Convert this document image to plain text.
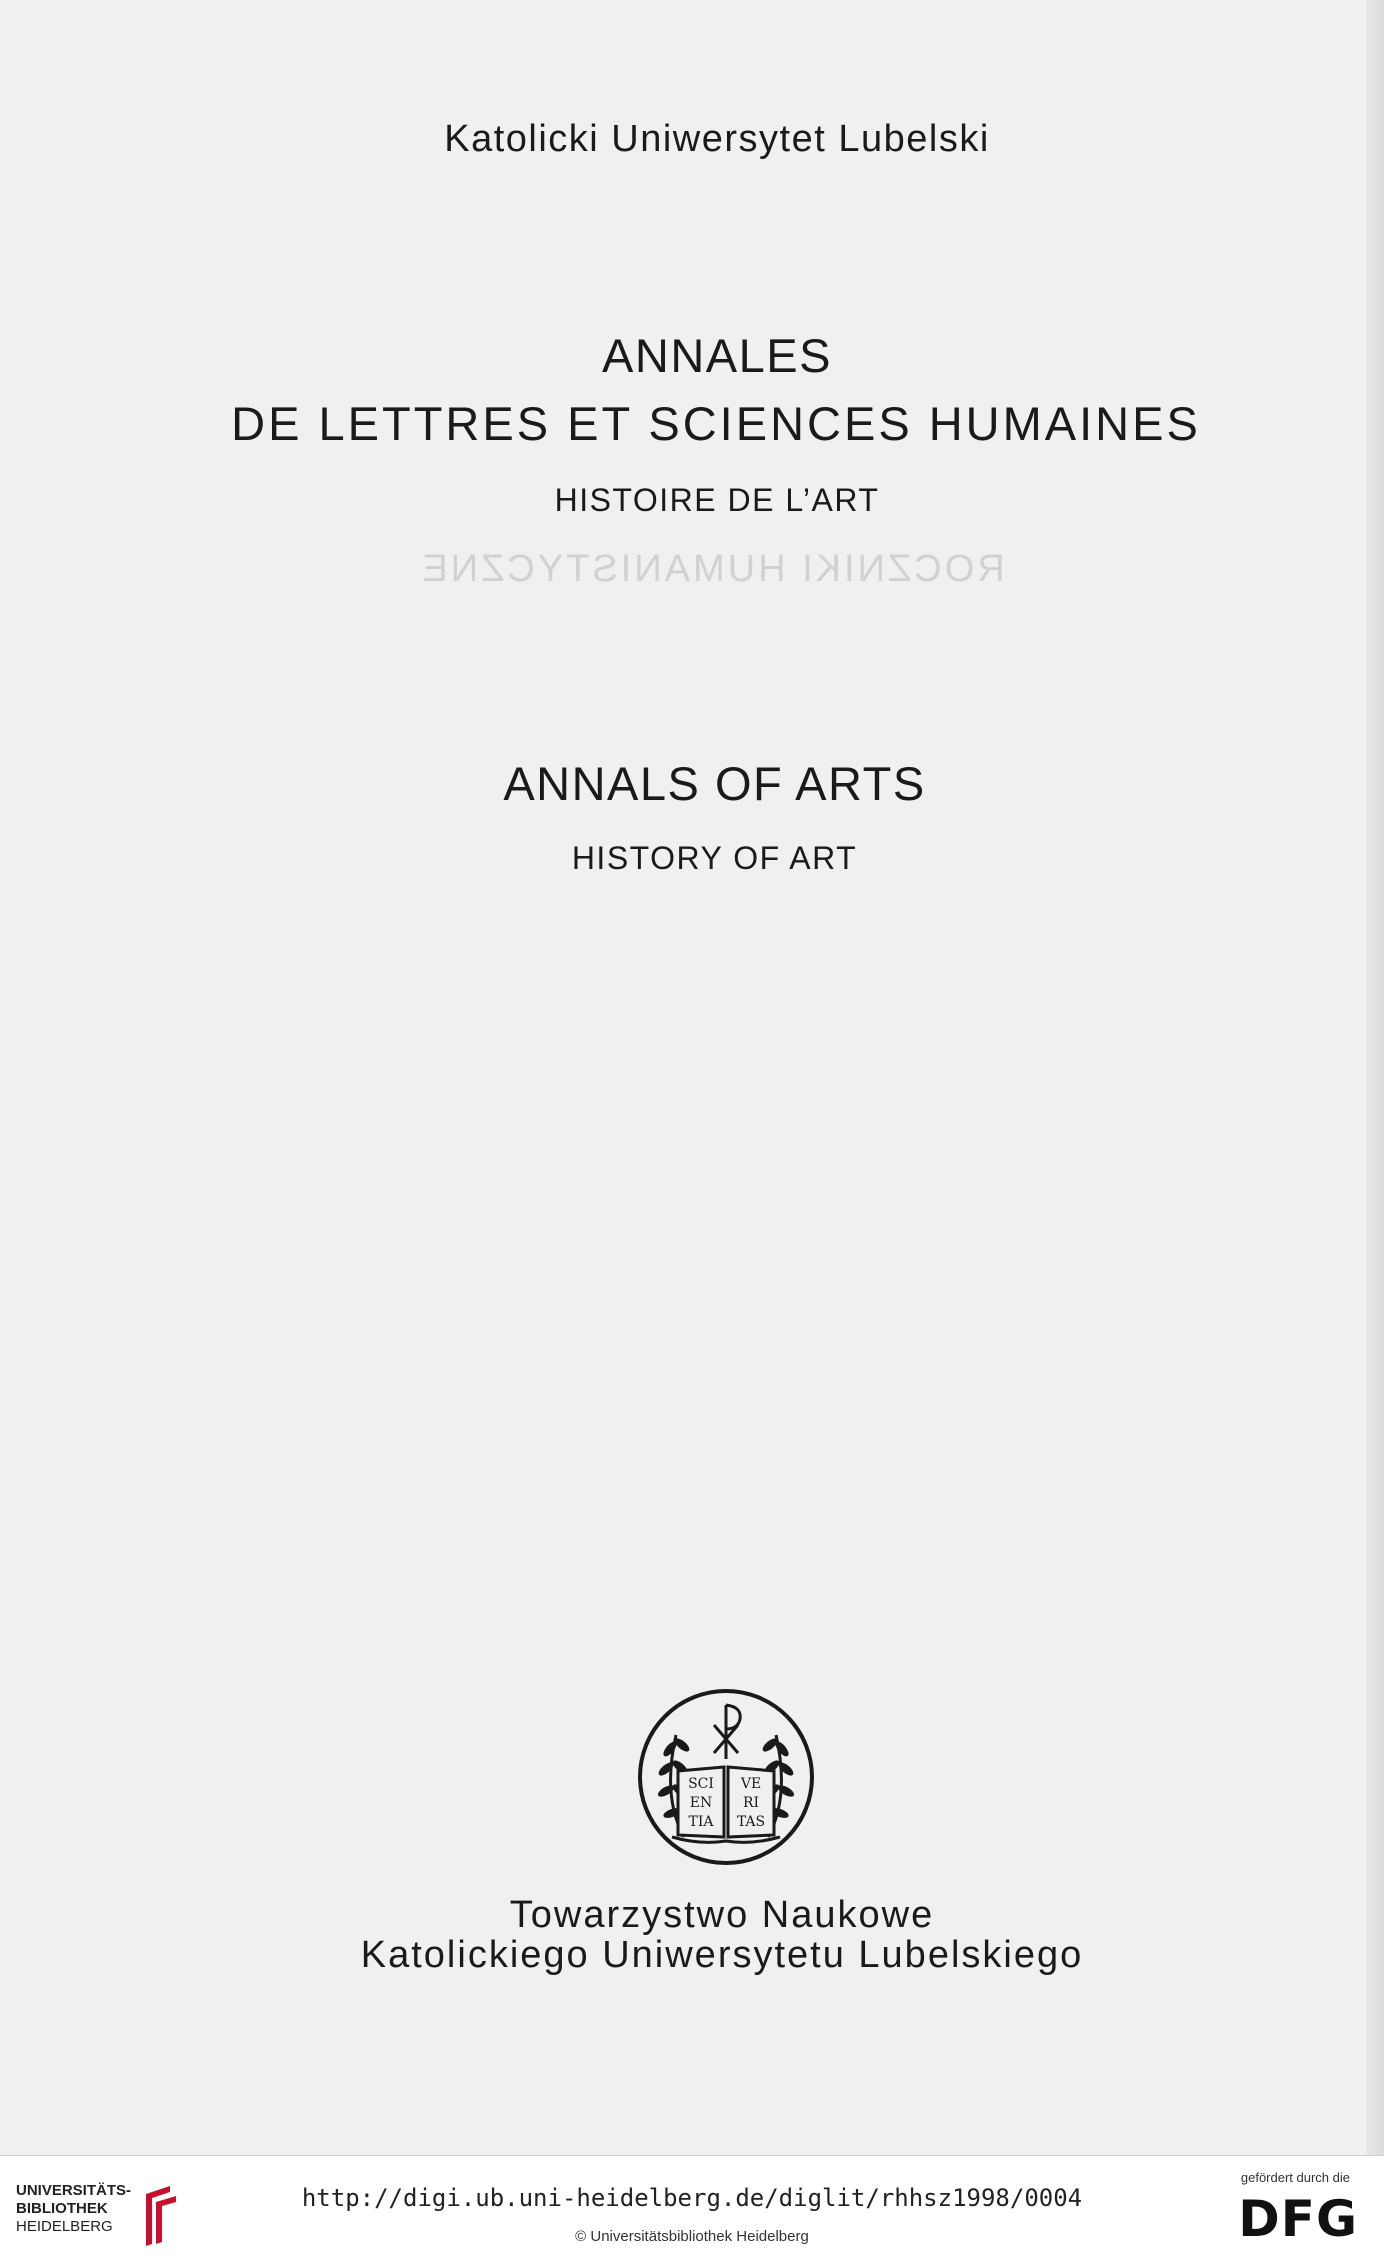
Katolicki Uniwersytet Lubelski
ANNALES
DE LETTRES ET SCIENCES HUMAINES
HISTOIRE DE L’ART
ROCZNIKI HUMANISTYCZNE
ANNALS OF ARTS
HISTORY OF ART
SCI
EN
TIA
VE
RI
TAS
Towarzystwo Naukowe
Katolickiego Uniwersytetu Lubelskiego
UNIVERSITÄTS-
BIBLIOTHEK
HEIDELBERG
http://digi.ub.uni-heidelberg.de/diglit/rhhsz1998/0004
© Universitätsbibliothek Heidelberg
gefördert durch die
DFG
